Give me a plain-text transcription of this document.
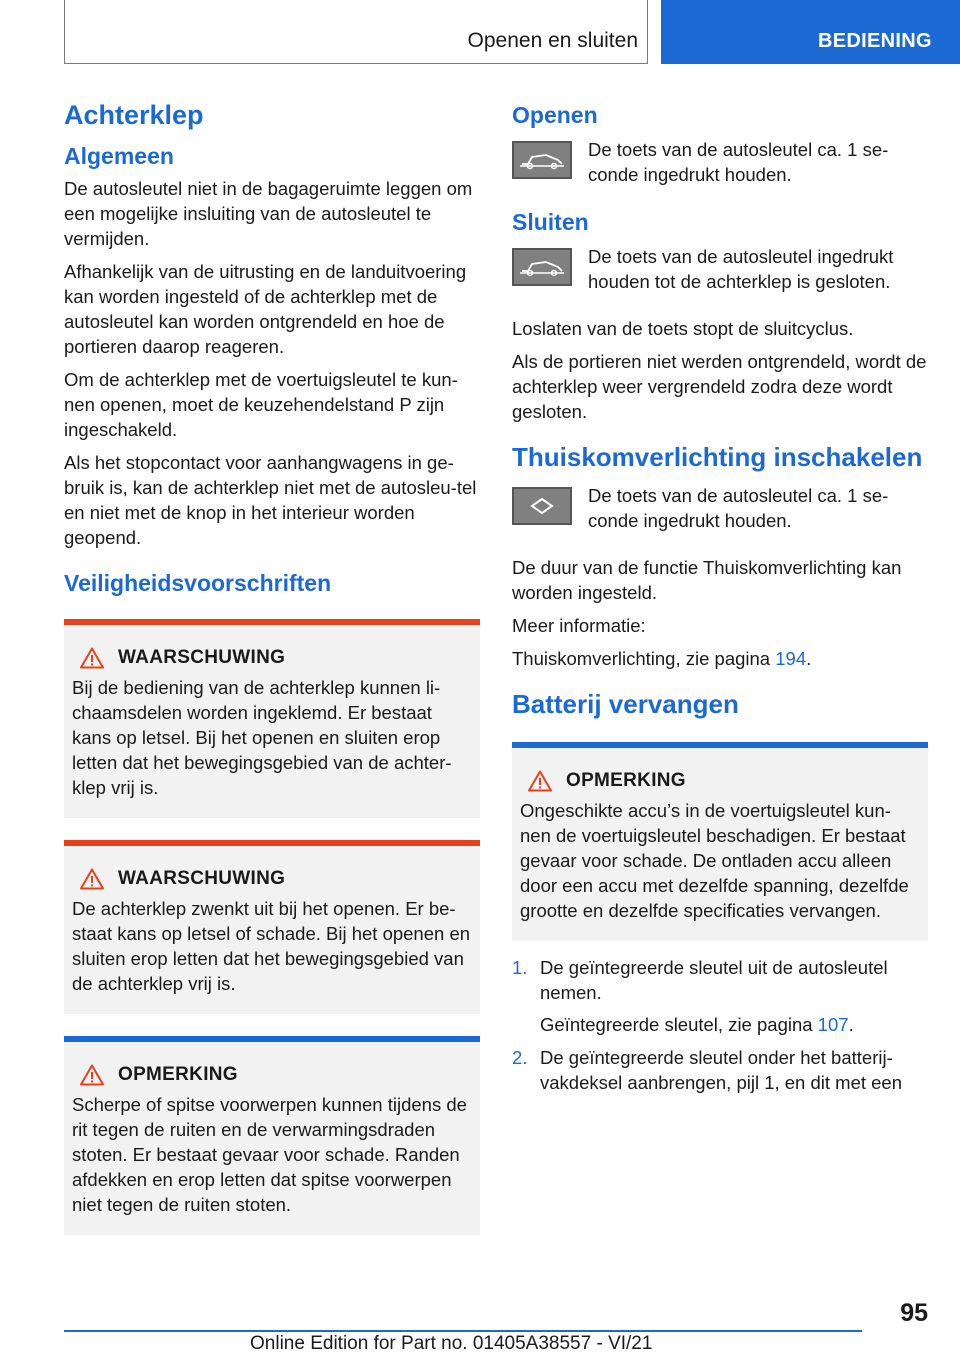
Openen en sluiten	BEDIENING
Achterklep
Algemeen

De autosleutel niet in de bagageruimte leggen om een mogelijke insluiting van de autosleutel te vermijden.

Afhankelijk van de uitrusting en de landuitvoering kan worden ingesteld of de achterklep met de autosleutel kan worden ontgrendeld en hoe de portieren daarop reageren.

Om de achterklep met de voertuigsleutel te kun-nen openen, moet de keuzehendelstand P zijn ingeschakeld.

Als het stopcontact voor aanhangwagens in ge-bruik is, kan de achterklep niet met de autosleu-tel en niet met de knop in het interieur worden geopend.

Veiligheidsvoorschriften
WAARSCHUWING

Bij de bediening van de achterklep kunnen li-chaamsdelen worden ingeklemd. Er bestaat kans op letsel. Bij het openen en sluiten erop letten dat het bewegingsgebied van de achter-klep vrij is.

WAARSCHUWING

De achterklep zwenkt uit bij het openen. Er be-staat kans op letsel of schade. Bij het openen en sluiten erop letten dat het bewegingsgebied van de achterklep vrij is.

OPMERKING

Scherpe of spitse voorwerpen kunnen tijdens de rit tegen de ruiten en de verwarmingsdraden stoten. Er bestaat gevaar voor schade. Randen afdekken en erop letten dat spitse voorwerpen niet tegen de ruiten stoten.

Openen

De toets van de autosleutel ca. 1 se-conde ingedrukt houden.

Sluiten

De toets van de autosleutel ingedrukt houden tot de achterklep is gesloten.

Loslaten van de toets stopt de sluitcyclus.

Als de portieren niet werden ontgrendeld, wordt de achterklep weer vergrendeld zodra deze wordt gesloten.

Thuiskomverlichting inschakelen

De toets van de autosleutel ca. 1 se-conde ingedrukt houden.

De duur van de functie Thuiskomverlichting kan worden ingesteld.

Meer informatie:

Thuiskomverlichting, zie pagina 194.

Batterij vervangen
OPMERKING

Ongeschikte accu’s in de voertuigsleutel kun-nen de voertuigsleutel beschadigen. Er bestaat gevaar voor schade. De ontladen accu alleen door een accu met dezelfde spanning, dezelfde grootte en dezelfde specificaties vervangen.

1. De geïntegreerde sleutel uit de autosleutel nemen.
Geïntegreerde sleutel, zie pagina 107.
2. De geïntegreerde sleutel onder het batterij-vakdeksel aanbrengen, pijl 1, en dit met een
95
Online Edition for Part no. 01405A38557 - VI/21
